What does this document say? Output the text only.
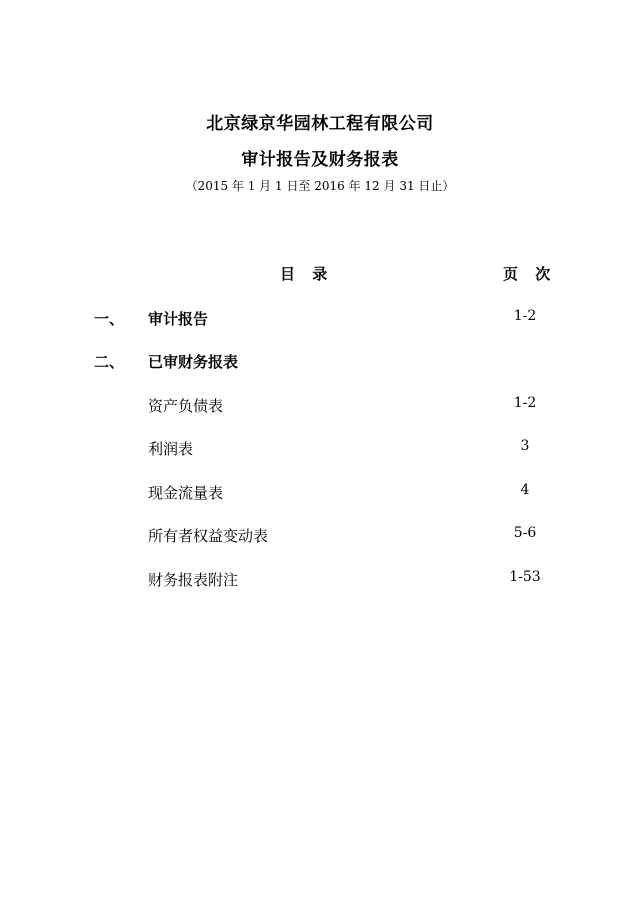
北京绿京华园林工程有限公司
审计报告及财务报表
（2015 年 1 月 1 日至 2016 年 12 月 31 日止）
目 录	页 次
一、 审计报告	1-2
二、 已审财务报表
资产负债表	1-2
利润表	3
现金流量表	4
所有者权益变动表	5-6
财务报表附注	1-53
